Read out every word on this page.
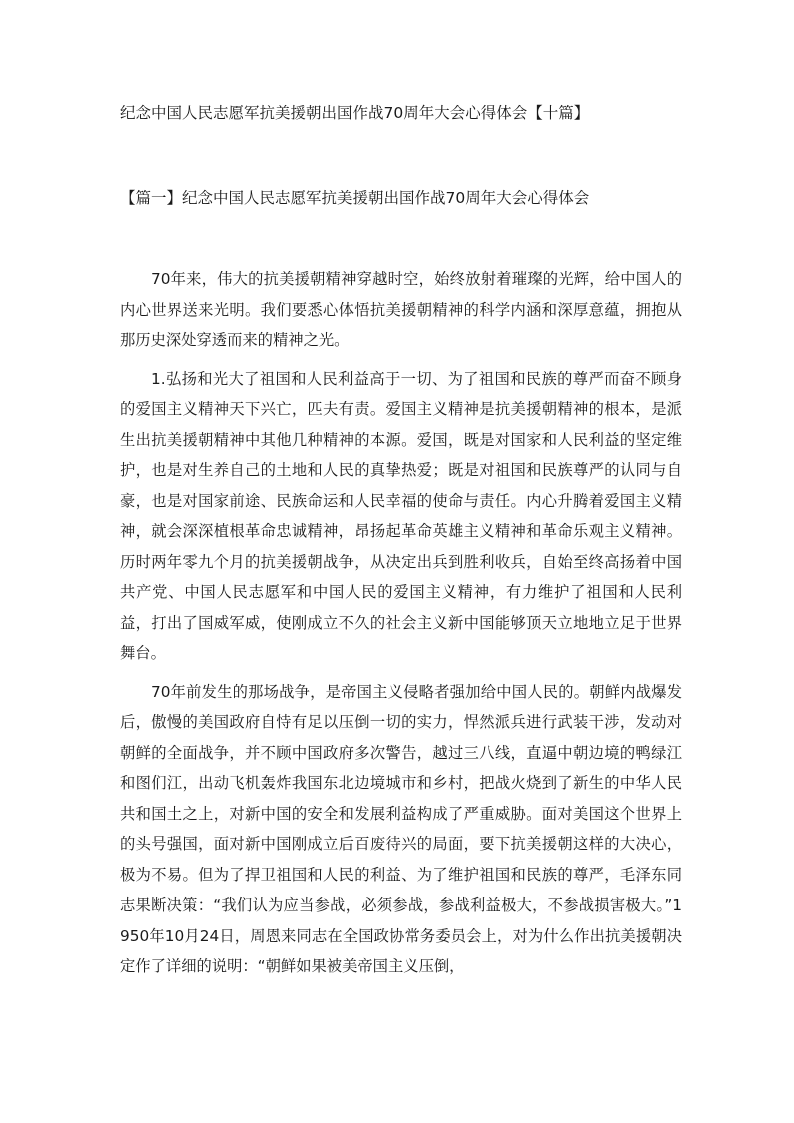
纪念中国人民志愿军抗美援朝出国作战70周年大会心得体会【十篇】
【篇一】纪念中国人民志愿军抗美援朝出国作战70周年大会心得体会

70年来，伟大的抗美援朝精神穿越时空，始终放射着璀璨的光辉，给中国人的内心世界送来光明。我们要悉心体悟抗美援朝精神的科学内涵和深厚意蕴，拥抱从那历史深处穿透而来的精神之光。

1.弘扬和光大了祖国和人民利益高于一切、为了祖国和民族的尊严而奋不顾身的爱国主义精神天下兴亡，匹夫有责。爱国主义精神是抗美援朝精神的根本，是派生出抗美援朝精神中其他几种精神的本源。爱国，既是对国家和人民利益的坚定维护，也是对生养自己的土地和人民的真挚热爱；既是对祖国和民族尊严的认同与自豪，也是对国家前途、民族命运和人民幸福的使命与责任。内心升腾着爱国主义精神，就会深深植根革命忠诚精神，昂扬起革命英雄主义精神和革命乐观主义精神。历时两年零九个月的抗美援朝战争，从决定出兵到胜利收兵，自始至终高扬着中国共产党、中国人民志愿军和中国人民的爱国主义精神，有力维护了祖国和人民利益，打出了国威军威，使刚成立不久的社会主义新中国能够顶天立地地立足于世界舞台。

70年前发生的那场战争，是帝国主义侵略者强加给中国人民的。朝鲜内战爆发后，傲慢的美国政府自恃有足以压倒一切的实力，悍然派兵进行武装干涉，发动对朝鲜的全面战争，并不顾中国政府多次警告，越过三八线，直逼中朝边境的鸭绿江和图们江，出动飞机轰炸我国东北边境城市和乡村，把战火烧到了新生的中华人民共和国土之上，对新中国的安全和发展利益构成了严重威胁。面对美国这个世界上的头号强国，面对新中国刚成立后百废待兴的局面，要下抗美援朝这样的大决心，极为不易。但为了捍卫祖国和人民的利益、为了维护祖国和民族的尊严，毛泽东同志果断决策：“我们认为应当参战，必须参战，参战利益极大，不参战损害极大。”1950年10月24日，周恩来同志在全国政协常务委员会上，对为什么作出抗美援朝决定作了详细的说明：“朝鲜如果被美帝国主义压倒，
